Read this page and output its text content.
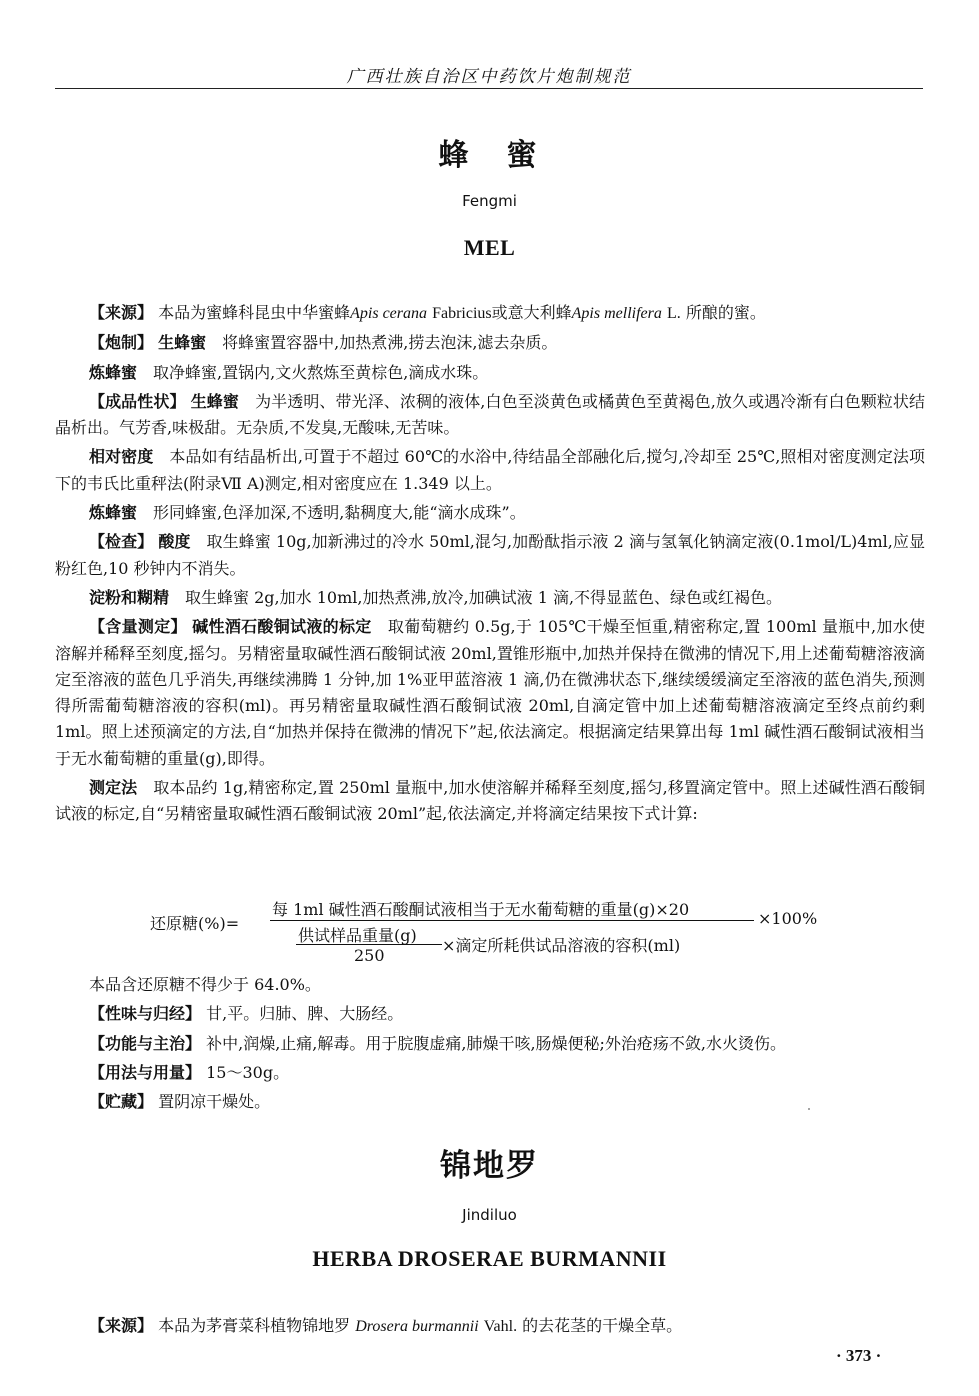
广西壮族自治区中药饮片炮制规范
蜂　蜜
Fengmi
MEL

【来源】 本品为蜜蜂科昆虫中华蜜蜂Apis cerana Fabricius或意大利蜂Apis mellifera L. 所酿的蜜。

【炮制】 生蜂蜜　 将蜂蜜置容器中,加热煮沸,捞去泡沫,滤去杂质。

炼蜂蜜　 取净蜂蜜,置锅内,文火熬炼至黄棕色,滴成水珠。

【成品性状】 生蜂蜜　 为半透明、带光泽、浓稠的液体,白色至淡黄色或橘黄色至黄褐色,放久或遇冷渐有白色颗粒状结晶析出。气芳香,味极甜。无杂质,不发臭,无酸味,无苦味。

相对密度　 本品如有结晶析出,可置于不超过 60℃的水浴中,待结晶全部融化后,搅匀,冷却至 25℃,照相对密度测定法项下的韦氏比重秤法(附录Ⅶ A)测定,相对密度应在 1.349 以上。

炼蜂蜜　 形同蜂蜜,色泽加深,不透明,黏稠度大,能“滴水成珠”。

【检查】 酸度　 取生蜂蜜 10g,加新沸过的冷水 50ml,混匀,加酚酞指示液 2 滴与氢氧化钠滴定液(0.1mol/L)4ml,应显粉红色,10 秒钟内不消失。

淀粉和糊精　 取生蜂蜜 2g,加水 10ml,加热煮沸,放冷,加碘试液 1 滴,不得显蓝色、绿色或红褐色。

【含量测定】 碱性酒石酸铜试液的标定　 取葡萄糖约 0.5g,于 105℃干燥至恒重,精密称定,置 100ml 量瓶中,加水使溶解并稀释至刻度,摇匀。另精密量取碱性酒石酸铜试液 20ml,置锥形瓶中,加热并保持在微沸的情况下,用上述葡萄糖溶液滴定至溶液的蓝色几乎消失,再继续沸腾 1 分钟,加 1%亚甲蓝溶液 1 滴,仍在微沸状态下,继续缓缓滴定至溶液的蓝色消失,预测得所需葡萄糖溶液的容积(ml)。再另精密量取碱性酒石酸铜试液 20ml,自滴定管中加上述葡萄糖溶液滴定至终点前约剩 1ml。照上述预滴定的方法,自“加热并保持在微沸的情况下”起,依法滴定。根据滴定结果算出每 1ml 碱性酒石酸铜试液相当于无水葡萄糖的重量(g),即得。

测定法　 取本品约 1g,精密称定,置 250ml 量瓶中,加水使溶解并稀释至刻度,摇匀,移置滴定管中。照上述碱性酒石酸铜试液的标定,自“另精密量取碱性酒石酸铜试液 20ml”起,依法滴定,并将滴定结果按下式计算:

还原糖(%)=
每 1ml 碱性酒石酸酮试液相当于无水葡萄糖的重量(g)×20	×100%
供试样品重量(g)
250
×滴定所耗供试品溶液的容积(ml)

本品含还原糖不得少于 64.0%。

【性味与归经】 甘,平。归肺、脾、大肠经。

【功能与主治】 补中,润燥,止痛,解毒。用于脘腹虚痛,肺燥干咳,肠燥便秘;外治疮疡不敛,水火烫伤。

【用法与用量】 15～30g。

【贮藏】 置阴凉干燥处。

锦地罗
Jindiluo
HERBA DROSERAE BURMANNII

【来源】 本品为茅膏菜科植物锦地罗 Drosera burmannii Vahl. 的去花茎的干燥全草。

· 373 ·
